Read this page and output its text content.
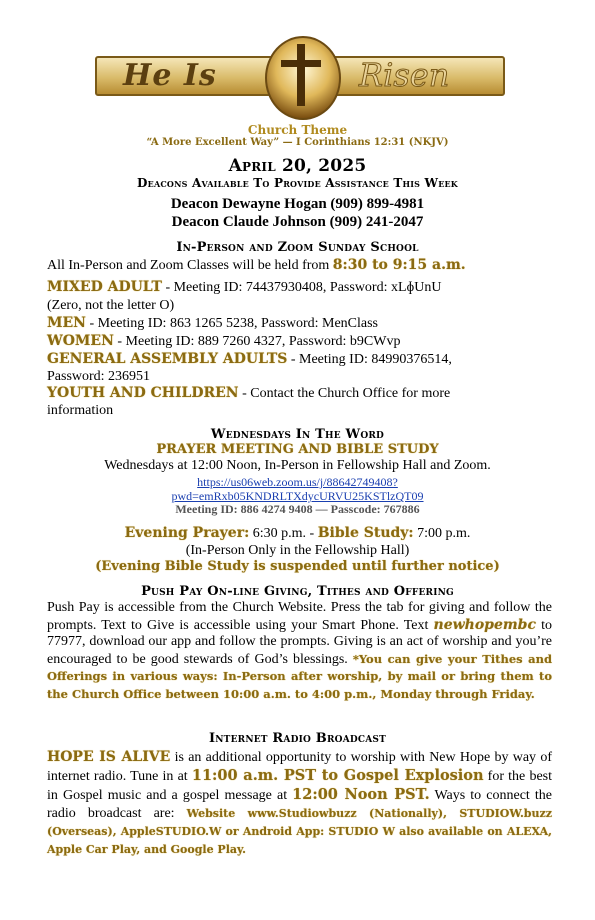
He Is	Risen
Church Theme
“A More Excellent Way” — I Corinthians 12:31 (NKJV)
April 20, 2025
Deacons Available To Provide Assistance This Week
Deacon Dewayne Hogan (909) 899-4981
Deacon Claude Johnson (909) 241-2047
In-Person and Zoom Sunday School
All In-Person and Zoom Classes will be held from 8:30 to 9:15 a.m.
MIXED ADULT - Meeting ID: 74437930408, Password: xLɸUnU
(Zero, not the letter O)
MEN - Meeting ID: 863 1265 5238, Password: MenClass
WOMEN - Meeting ID: 889 7260 4327, Password: b9CWvp
GENERAL ASSEMBLY ADULTS - Meeting ID: 84990376514,
Password: 236951
YOUTH AND CHILDREN - Contact the Church Office for more
information
Wednesdays In The Word
PRAYER MEETING AND BIBLE STUDY
Wednesdays at 12:00 Noon, In-Person in Fellowship Hall and Zoom.
https://us06web.zoom.us/j/88642749408?
pwd=emRxb05KNDRLTXdycURVU25KSTlzQT09
Meeting ID: 886 4274 9408 — Passcode: 767886
Evening Prayer: 6:30 p.m. - Bible Study: 7:00 p.m.
(In-Person Only in the Fellowship Hall)
(Evening Bible Study is suspended until further notice)
Push Pay On-line Giving, Tithes and Offering
Push Pay is accessible from the Church Website. Press the tab for giving and follow the prompts. Text to Give is accessible using your Smart Phone. Text newhopembc to 77977, download our app and follow the prompts. Giving is an act of worship and you’re encouraged to be good stewards of God’s blessings. *You can give your Tithes and Offerings in various ways: In-Person after worship, by mail or bring them to the Church Office between 10:00 a.m. to 4:00 p.m., Monday through Friday.
Internet Radio Broadcast
HOPE IS ALIVE is an additional opportunity to worship with New Hope by way of internet radio. Tune in at 11:00 a.m. PST to Gospel Explosion for the best in Gospel music and a gospel message at 12:00 Noon PST. Ways to connect the radio broadcast are: Website www.Studiowbuzz (Nationally), STUDIOW.buzz (Overseas), AppleSTUDIO.W or Android App: STUDIO W also available on ALEXA, Apple Car Play, and Google Play.
